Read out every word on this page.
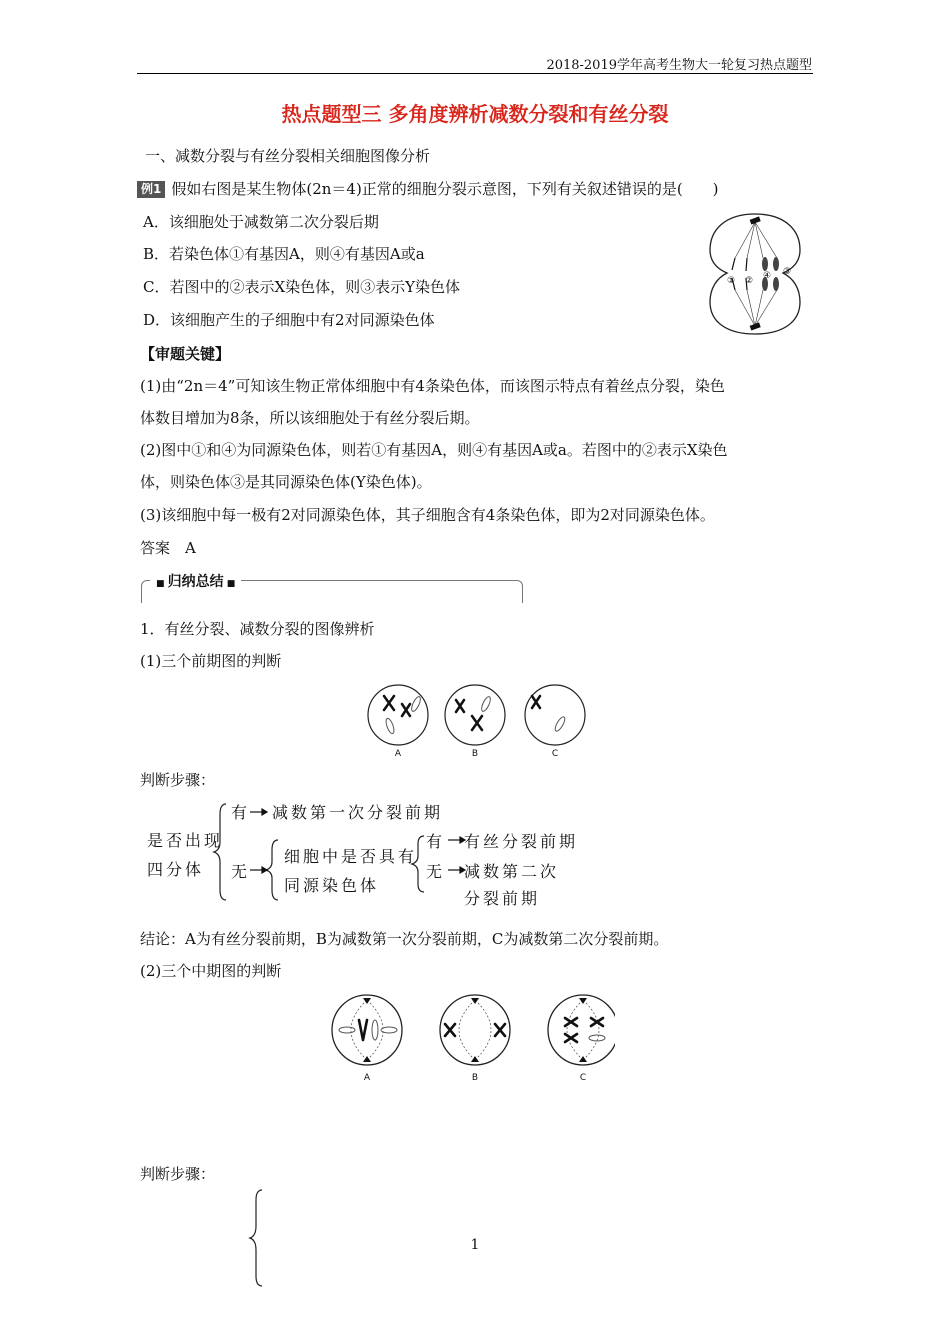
2018-2019学年高考生物大一轮复习热点题型
热点题型三 多角度辨析减数分裂和有丝分裂
一、减数分裂与有丝分裂相关细胞图像分析
例1 假如右图是某生物体(2n＝4)正常的细胞分裂示意图，下列有关叙述错误的是(　　)
A．该细胞处于减数第二次分裂后期
B．若染色体①有基因A，则④有基因A或a
C．若图中的②表示X染色体，则③表示Y染色体
D．该细胞产生的子细胞中有2对同源染色体
① ②
③
④
【审题关键】
(1)由“2n＝4”可知该生物正常体细胞中有4条染色体，而该图示特点有着丝点分裂，染色
体数目增加为8条，所以该细胞处于有丝分裂后期。
(2)图中①和④为同源染色体，则若①有基因A，则④有基因A或a。若图中的②表示X染色
体，则染色体③是其同源染色体(Y染色体)。
(3)该细胞中每一极有2对同源染色体，其子细胞含有4条染色体，即为2对同源染色体。
答案　A
■ 归纳总结 ■
1．有丝分裂、减数分裂的图像辨析
(1)三个前期图的判断
A	B	C
判断步骤：
是否出现
四分体
有 减数第一次分裂前期
无
细胞中是否具有
同源染色体
有 有丝分裂前期
无 减数第二次
分裂前期
结论：A为有丝分裂前期，B为减数第一次分裂前期，C为减数第二次分裂前期。
(2)三个中期图的判断
A	B	C
判断步骤：
1
